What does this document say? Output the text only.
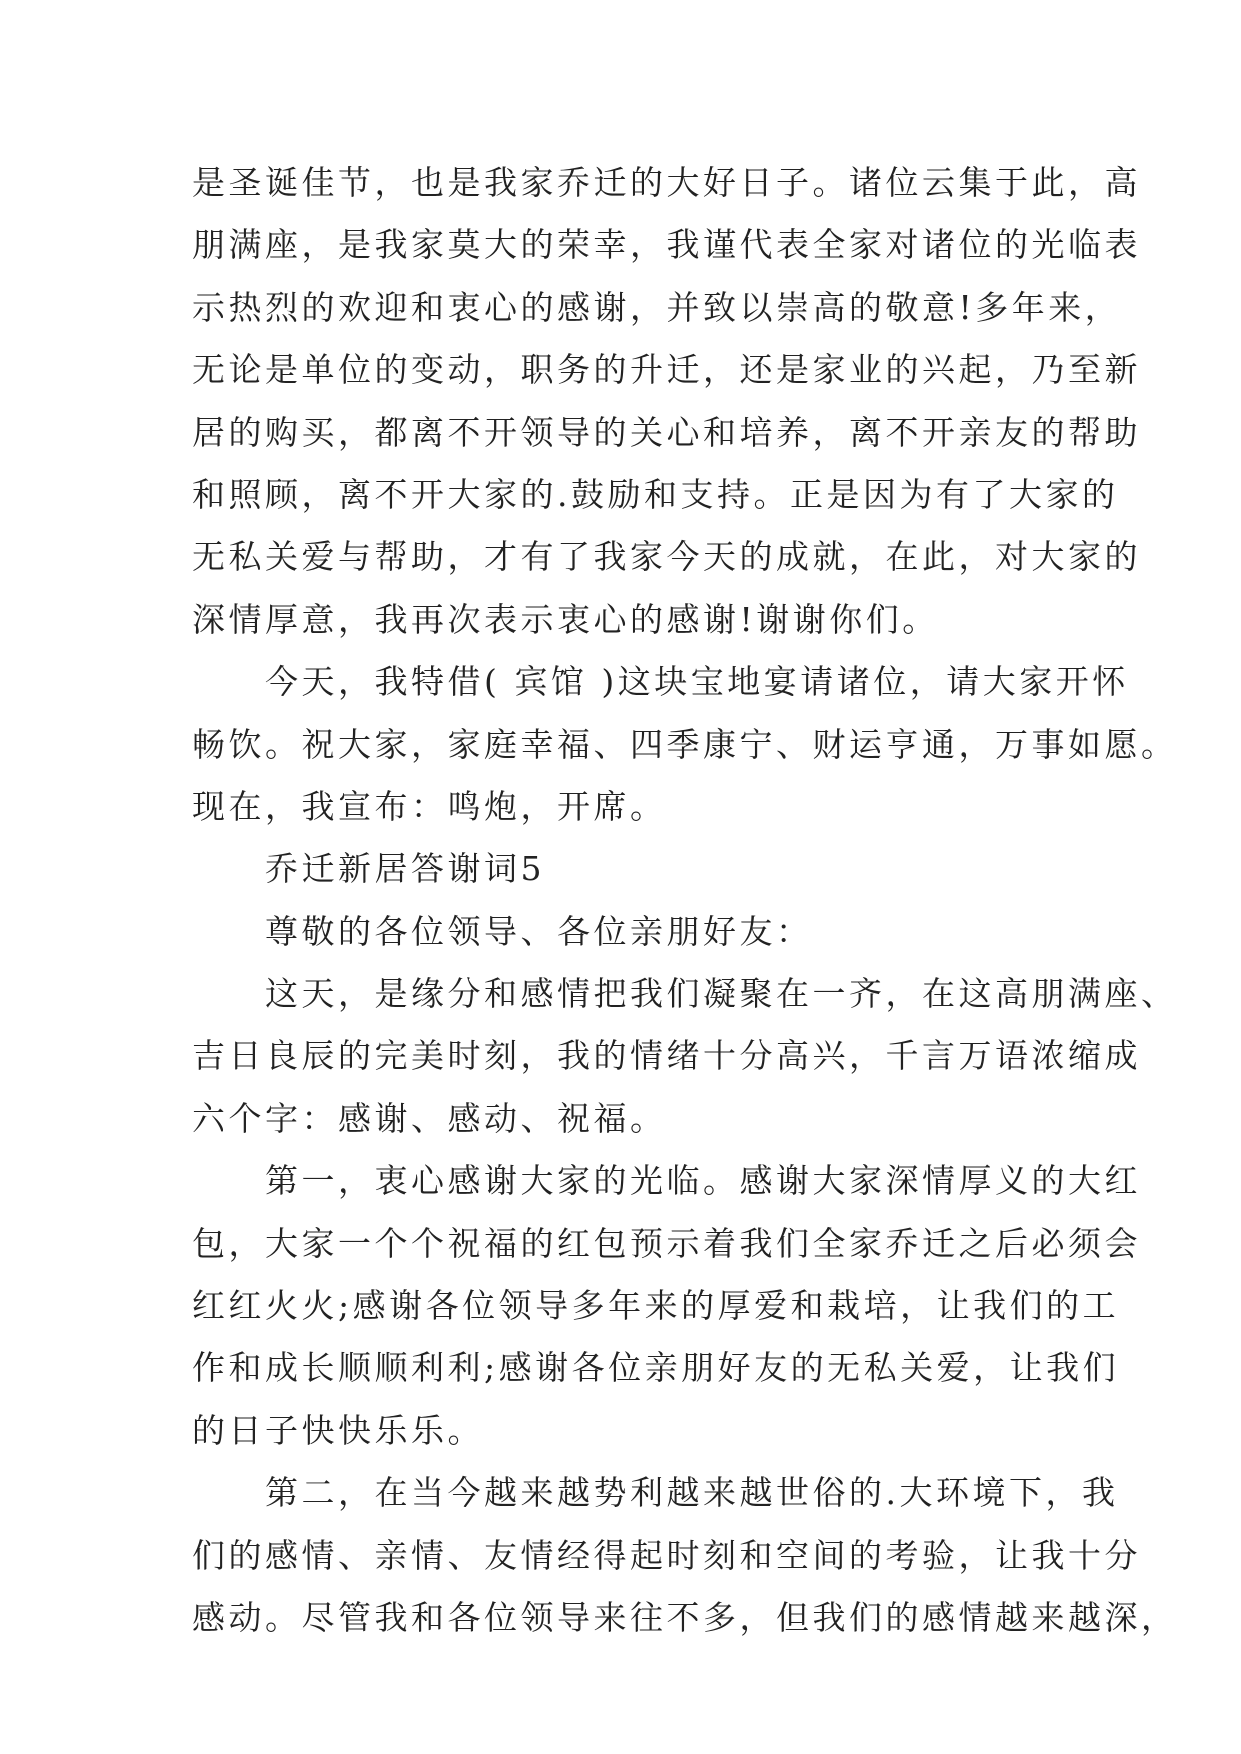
是圣诞佳节，也是我家乔迁的大好日子。诸位云集于此，高
朋满座，是我家莫大的荣幸，我谨代表全家对诸位的光临表
示热烈的欢迎和衷心的感谢，并致以崇高的敬意!多年来，
无论是单位的变动，职务的升迁，还是家业的兴起，乃至新
居的购买，都离不开领导的关心和培养，离不开亲友的帮助
和照顾，离不开大家的.鼓励和支持。正是因为有了大家的
无私关爱与帮助，才有了我家今天的成就，在此，对大家的
深情厚意，我再次表示衷心的感谢!谢谢你们。
　　今天，我特借( 宾馆 )这块宝地宴请诸位，请大家开怀
畅饮。祝大家，家庭幸福、四季康宁、财运亨通，万事如愿。
现在，我宣布：鸣炮，开席。
　　乔迁新居答谢词5
　　尊敬的各位领导、各位亲朋好友：
　　这天，是缘分和感情把我们凝聚在一齐，在这高朋满座、
吉日良辰的完美时刻，我的情绪十分高兴，千言万语浓缩成
六个字：感谢、感动、祝福。
　　第一，衷心感谢大家的光临。感谢大家深情厚义的大红
包，大家一个个祝福的红包预示着我们全家乔迁之后必须会
红红火火;感谢各位领导多年来的厚爱和栽培，让我们的工
作和成长顺顺利利;感谢各位亲朋好友的无私关爱，让我们
的日子快快乐乐。
　　第二，在当今越来越势利越来越世俗的.大环境下，我
们的感情、亲情、友情经得起时刻和空间的考验，让我十分
感动。尽管我和各位领导来往不多，但我们的感情越来越深，
